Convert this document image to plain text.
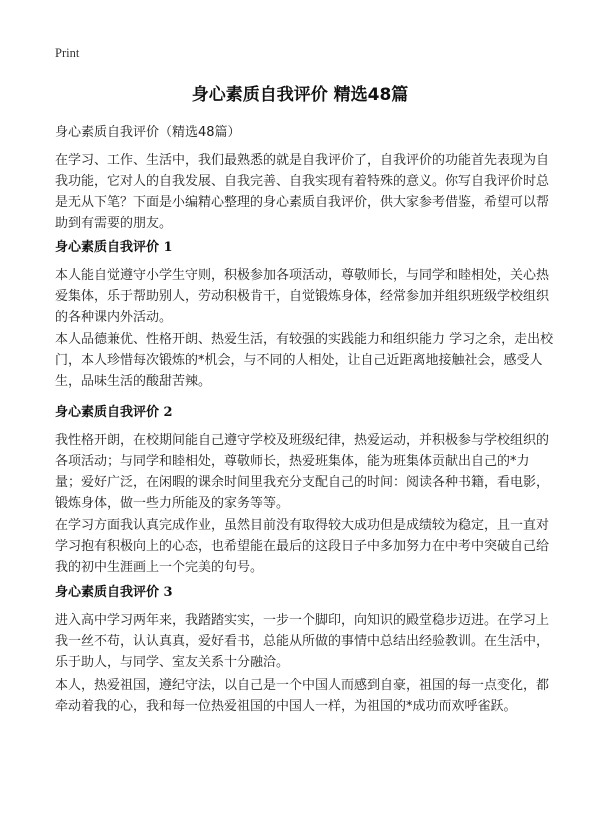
Print
身心素质自我评价 精选48篇
身心素质自我评价（精选48篇）

在学习、工作、生活中，我们最熟悉的就是自我评价了，自我评价的功能首先表现为自我功能，它对人的自我发展、自我完善、自我实现有着特殊的意义。你写自我评价时总是无从下笔？下面是小编精心整理的身心素质自我评价，供大家参考借鉴，希望可以帮助到有需要的朋友。

身心素质自我评价 1

本人能自觉遵守小学生守则，积极参加各项活动，尊敬师长，与同学和睦相处，关心热爱集体，乐于帮助别人，劳动积极肯干，自觉锻炼身体，经常参加并组织班级学校组织的各种课内外活动。

本人品德兼优、性格开朗、热爱生活，有较强的实践能力和组织能力 学习之余，走出校门，本人珍惜每次锻炼的*机会，与不同的人相处，让自己近距离地接触社会，感受人生，品味生活的酸甜苦辣。

身心素质自我评价 2

我性格开朗，在校期间能自己遵守学校及班级纪律，热爱运动，并积极参与学校组织的各项活动；与同学和睦相处，尊敬师长，热爱班集体，能为班集体贡献出自己的*力量；爱好广泛，在闲暇的课余时间里我充分支配自己的时间：阅读各种书籍，看电影，锻炼身体，做一些力所能及的家务等等。

在学习方面我认真完成作业，虽然目前没有取得较大成功但是成绩较为稳定，且一直对学习抱有积极向上的心态，也希望能在最后的这段日子中多加努力在中考中突破自己给我的初中生涯画上一个完美的句号。

身心素质自我评价 3

进入高中学习两年来，我踏踏实实，一步一个脚印，向知识的殿堂稳步迈进。在学习上我一丝不苟，认认真真，爱好看书，总能从所做的事情中总结出经验教训。在生活中，乐于助人，与同学、室友关系十分融洽。

本人，热爱祖国，遵纪守法，以自己是一个中国人而感到自豪，祖国的每一点变化，都牵动着我的心，我和每一位热爱祖国的中国人一样，为祖国的*成功而欢呼雀跃。
